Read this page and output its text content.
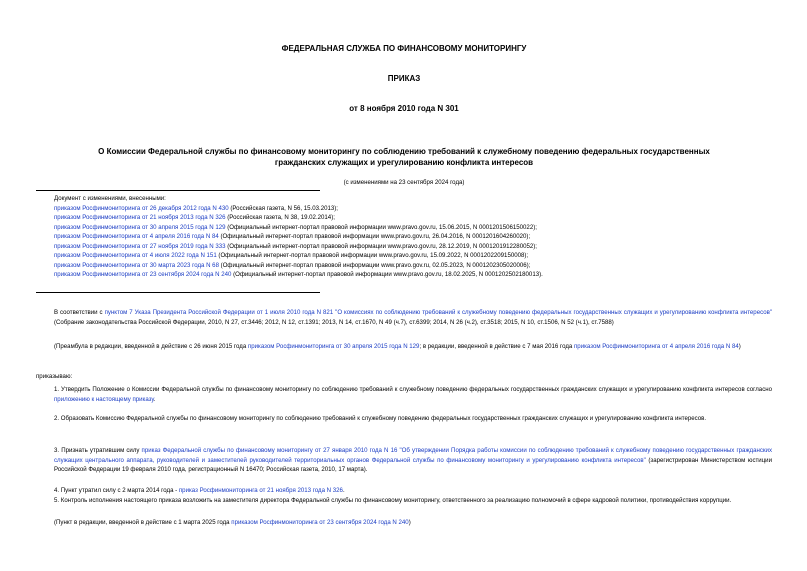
ФЕДЕРАЛЬНАЯ СЛУЖБА ПО ФИНАНСОВОМУ МОНИТОРИНГУ
ПРИКАЗ
от 8 ноября 2010 года N 301
О Комиссии Федеральной службы по финансовому мониторингу по соблюдению требований к служебному поведению федеральных государственных гражданских служащих и урегулированию конфликта интересов
(с изменениями на 23 сентября 2024 года)
Документ с изменениями, внесенными:
приказом Росфинмониторинга от 26 декабря 2012 года N 430 (Российская газета, N 56, 15.03.2013);
приказом Росфинмониторинга от 21 ноября 2013 года N 326 (Российская газета, N 38, 19.02.2014);
приказом Росфинмониторинга от 30 апреля 2015 года N 129 (Официальный интернет-портал правовой информации www.pravo.gov.ru, 15.06.2015, N 0001201506150022);
приказом Росфинмониторинга от 4 апреля 2016 года N 84 (Официальный интернет-портал правовой информации www.pravo.gov.ru, 26.04.2016, N 0001201604260020);
приказом Росфинмониторинга от 27 ноября 2019 года N 333 (Официальный интернет-портал правовой информации www.pravo.gov.ru, 28.12.2019, N 0001201912280052);
приказом Росфинмониторинга от 4 июля 2022 года N 151 (Официальный интернет-портал правовой информации www.pravo.gov.ru, 15.09.2022, N 0001202209150008);
приказом Росфинмониторинга от 30 марта 2023 года N 68 (Официальный интернет-портал правовой информации www.pravo.gov.ru, 02.05.2023, N 0001202305020006);
приказом Росфинмониторинга от 23 сентября 2024 года N 240 (Официальный интернет-портал правовой информации www.pravo.gov.ru, 18.02.2025, N 0001202502180013).
В соответствии с пунктом 7 Указа Президента Российской Федерации от 1 июля 2010 года N 821 "О комиссиях по соблюдению требований к служебному поведению федеральных государственных служащих и урегулированию конфликта интересов" (Собрание законодательства Российской Федерации, 2010, N 27, ст.3446; 2012, N 12, ст.1391; 2013, N 14, ст.1670, N 49 (ч.7), ст.6399; 2014, N 26 (ч.2), ст.3518; 2015, N 10, ст.1506, N 52 (ч.1), ст.7588)
(Преамбула в редакции, введенной в действие с 26 июня 2015 года приказом Росфинмониторинга от 30 апреля 2015 года N 129; в редакции, введенной в действие с 7 мая 2016 года приказом Росфинмониторинга от 4 апреля 2016 года N 84)
приказываю:
1. Утвердить Положение о Комиссии Федеральной службы по финансовому мониторингу по соблюдению требований к служебному поведению федеральных государственных гражданских служащих и урегулированию конфликта интересов согласно приложению к настоящему приказу.
2. Образовать Комиссию Федеральной службы по финансовому мониторингу по соблюдению требований к служебному поведению федеральных государственных гражданских служащих и урегулированию конфликта интересов.
3. Признать утратившим силу приказ Федеральной службы по финансовому мониторингу от 27 января 2010 года N 16 "Об утверждении Порядка работы комиссии по соблюдению требований к служебному поведению государственных гражданских служащих центрального аппарата, руководителей и заместителей руководителей территориальных органов Федеральной службы по финансовому мониторингу и урегулированию конфликта интересов" (зарегистрирован Министерством юстиции Российской Федерации 19 февраля 2010 года, регистрационный N 16470; Российская газета, 2010, 17 марта).
4. Пункт утратил силу с 2 марта 2014 года - приказ Росфинмониторинга от 21 ноября 2013 года N 326.
5. Контроль исполнения настоящего приказа возложить на заместителя директора Федеральной службы по финансовому мониторингу, ответственного за реализацию полномочий в сфере кадровой политики, противодействия коррупции.
(Пункт в редакции, введенной в действие с 1 марта 2025 года приказом Росфинмониторинга от 23 сентября 2024 года N 240)
